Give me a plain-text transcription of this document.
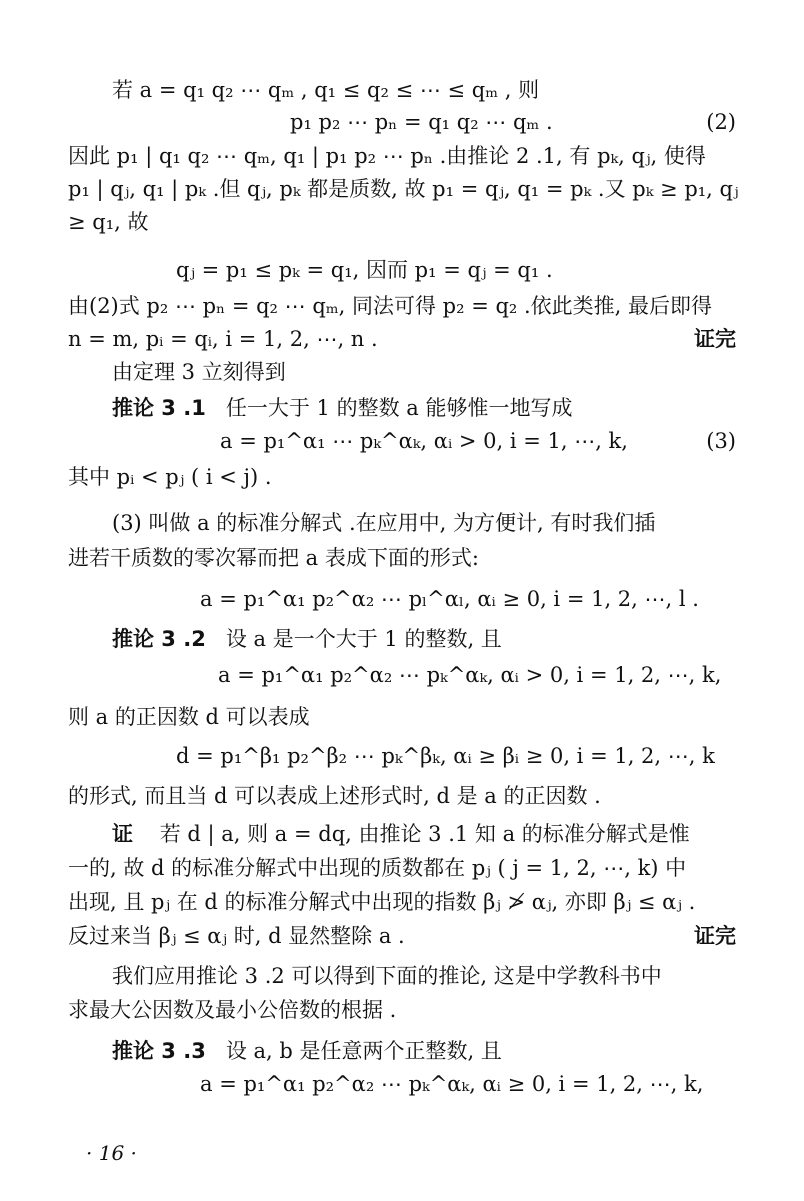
若 a = q₁ q₂ ⋯ qₘ , q₁ ≤ q₂ ≤ ⋯ ≤ qₘ , 则
p₁ p₂ ⋯ pₙ = q₁ q₂ ⋯ qₘ .	(2)
因此 p₁ | q₁ q₂ ⋯ qₘ, q₁ | p₁ p₂ ⋯ pₙ .由推论 2 .1, 有 pₖ, qⱼ, 使得
p₁ | qⱼ, q₁ | pₖ .但 qⱼ, pₖ 都是质数, 故 p₁ = qⱼ, q₁ = pₖ .又 pₖ ≥ p₁, qⱼ
≥ q₁, 故
qⱼ = p₁ ≤ pₖ = q₁, 因而 p₁ = qⱼ = q₁ .
由(2)式 p₂ ⋯ pₙ = q₂ ⋯ qₘ, 同法可得 p₂ = q₂ .依此类推, 最后即得
n = m, pᵢ = qᵢ, i = 1, 2, ⋯, n .	证完
由定理 3 立刻得到
推论 3 .1 任一大于 1 的整数 a 能够惟一地写成
a = p₁^α₁ ⋯ pₖ^αₖ, αᵢ > 0, i = 1, ⋯, k,	(3)
其中 pᵢ < pⱼ ( i < j) .
(3) 叫做 a 的标准分解式 .在应用中, 为方便计, 有时我们插
进若干质数的零次幂而把 a 表成下面的形式:
a = p₁^α₁ p₂^α₂ ⋯ pₗ^αₗ, αᵢ ≥ 0, i = 1, 2, ⋯, l .
推论 3 .2 设 a 是一个大于 1 的整数, 且
a = p₁^α₁ p₂^α₂ ⋯ pₖ^αₖ, αᵢ > 0, i = 1, 2, ⋯, k,
则 a 的正因数 d 可以表成
d = p₁^β₁ p₂^β₂ ⋯ pₖ^βₖ, αᵢ ≥ βᵢ ≥ 0, i = 1, 2, ⋯, k
的形式, 而且当 d 可以表成上述形式时, d 是 a 的正因数 .
证 若 d | a, 则 a = dq, 由推论 3 .1 知 a 的标准分解式是惟
一的, 故 d 的标准分解式中出现的质数都在 pⱼ ( j = 1, 2, ⋯, k) 中
出现, 且 pⱼ 在 d 的标准分解式中出现的指数 βⱼ ≯ αⱼ, 亦即 βⱼ ≤ αⱼ .
反过来当 βⱼ ≤ αⱼ 时, d 显然整除 a .	证完
我们应用推论 3 .2 可以得到下面的推论, 这是中学教科书中
求最大公因数及最小公倍数的根据 .
推论 3 .3 设 a, b 是任意两个正整数, 且
a = p₁^α₁ p₂^α₂ ⋯ pₖ^αₖ, αᵢ ≥ 0, i = 1, 2, ⋯, k,
· 16 ·
